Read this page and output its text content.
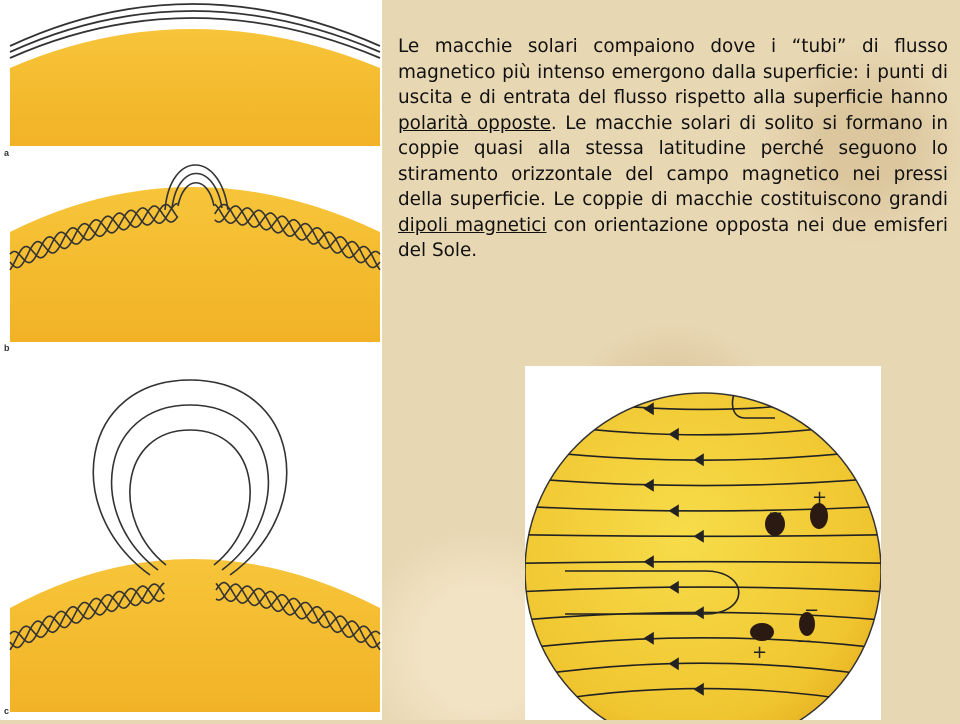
a
b
c
Le macchie solari compaiono dove i “tubi” di flusso magnetico più intenso emergono dalla superficie: i punti di uscita e di entrata del flusso rispetto alla superficie hanno polarità opposte. Le macchie solari di solito si formano in coppie quasi alla stessa latitudine perché seguono lo stiramento orizzontale del campo magnetico nei pressi della superficie. Le coppie di macchie costituiscono grandi dipoli magnetici con orientazione opposta nei due emisferi del Sole.
+
−
−
−
+
